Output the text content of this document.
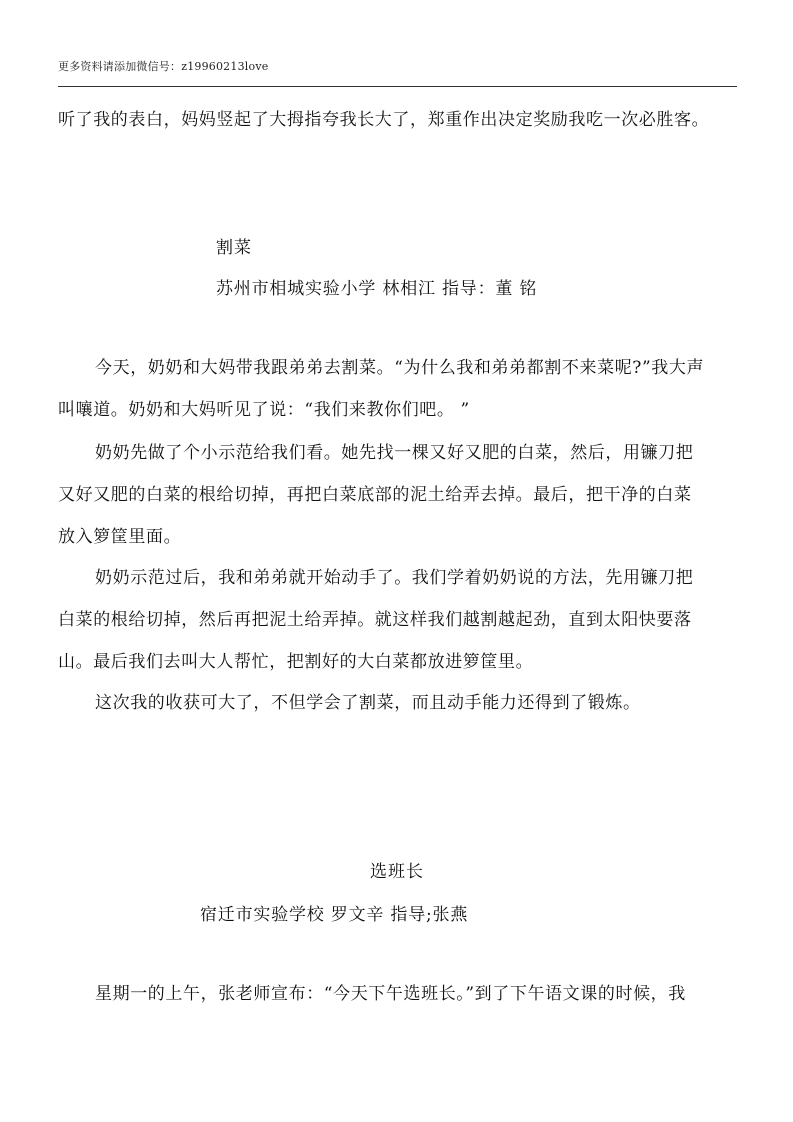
更多资料请添加微信号：z19960213love
听了我的表白，妈妈竖起了大拇指夸我长大了，郑重作出决定奖励我吃一次必胜客。
割菜
苏州市相城实验小学 林相江 指导：董 铭
今天，奶奶和大妈带我跟弟弟去割菜。“为什么我和弟弟都割不来菜呢?”我大声
叫嚷道。奶奶和大妈听见了说：“我们来教你们吧。 ”
奶奶先做了个小示范给我们看。她先找一棵又好又肥的白菜，然后，用镰刀把
又好又肥的白菜的根给切掉，再把白菜底部的泥土给弄去掉。最后，把干净的白菜
放入箩筐里面。
奶奶示范过后，我和弟弟就开始动手了。我们学着奶奶说的方法，先用镰刀把
白菜的根给切掉，然后再把泥土给弄掉。就这样我们越割越起劲，直到太阳快要落
山。最后我们去叫大人帮忙，把割好的大白菜都放进箩筐里。
这次我的收获可大了，不但学会了割菜，而且动手能力还得到了锻炼。
选班长
宿迁市实验学校 罗文辛 指导;张燕
星期一的上午，张老师宣布：“今天下午选班长。”到了下午语文课的时候，我
